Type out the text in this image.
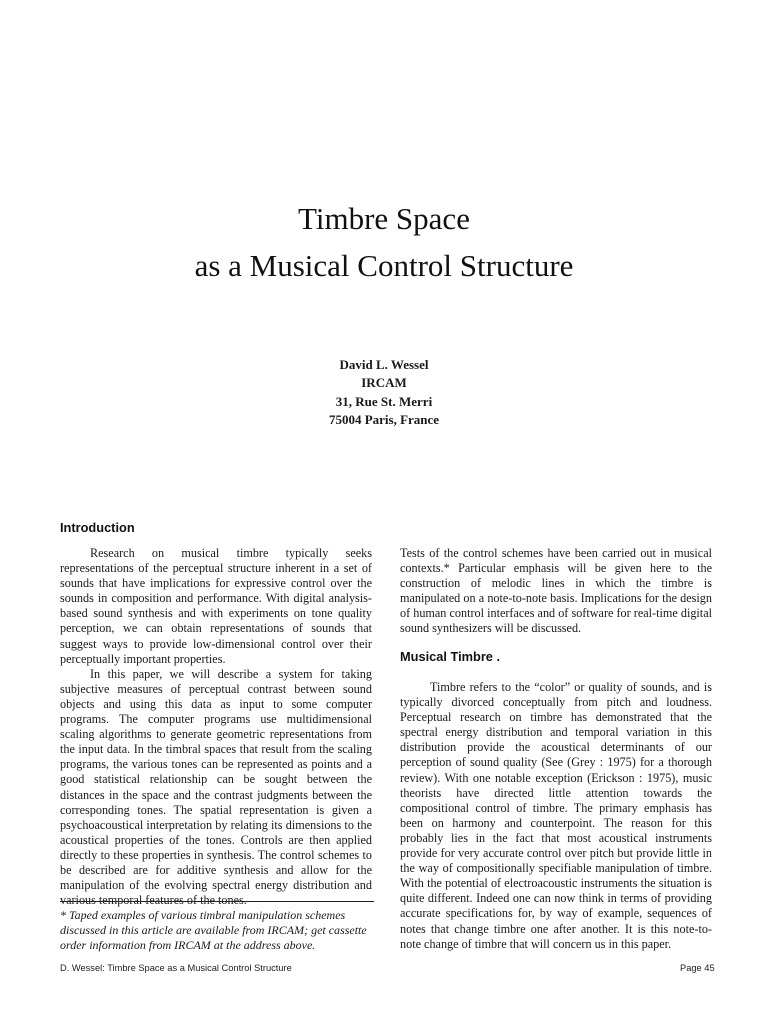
Timbre Space
as a Musical Control Structure
David L. Wessel
IRCAM
31, Rue St. Merri
75004 Paris, France
Introduction

Research on musical timbre typically seeks representations of the perceptual structure inherent in a set of sounds that have implications for expressive control over the sounds in composition and performance. With digital analysis-based sound synthesis and with experiments on tone quality perception, we can obtain representations of sounds that suggest ways to provide low-dimensional control over their perceptually important properties.

In this paper, we will describe a system for taking subjective measures of perceptual contrast between sound objects and using this data as input to some computer programs. The computer programs use multidimensional scaling algorithms to generate geometric representations from the input data. In the timbral spaces that result from the scaling programs, the various tones can be represented as points and a good statistical relationship can be sought between the distances in the space and the contrast judgments between the corresponding tones. The spatial representation is given a psychoacoustical interpretation by relating its dimensions to the acoustical properties of the tones. Controls are then applied directly to these properties in synthesis. The control schemes to be described are for additive synthesis and allow for the manipulation of the evolving spectral energy distribution and various temporal features of the tones.

Tests of the control schemes have been carried out in musical contexts.* Particular emphasis will be given here to the construction of melodic lines in which the timbre is manipulated on a note-to-note basis. Implications for the design of human control interfaces and of software for real-time digital sound synthesizers will be discussed.

Musical Timbre .

Timbre refers to the “color” or quality of sounds, and is typically divorced conceptually from pitch and loudness. Perceptual research on timbre has demonstrated that the spectral energy distribution and temporal variation in this distribution provide the acoustical determinants of our perception of sound quality (See (Grey : 1975) for a thorough review). With one notable exception (Erickson : 1975), music theorists have directed little attention towards the compositional control of timbre. The primary emphasis has been on harmony and counterpoint. The reason for this probably lies in the fact that most acoustical instruments provide for very accurate control over pitch but provide little in the way of compositionally specifiable manipulation of timbre. With the potential of electroacoustic instruments the situation is quite different. Indeed one can now think in terms of providing accurate specifications for, by way of example, sequences of notes that change timbre one after another. It is this note-to-note change of timbre that will concern us in this paper.

* Taped examples of various timbral manipulation schemes discussed in this article are available from IRCAM; get cassette order information from IRCAM at the address above.
D. Wessel: Timbre Space as a Musical Control Structure	Page 45
